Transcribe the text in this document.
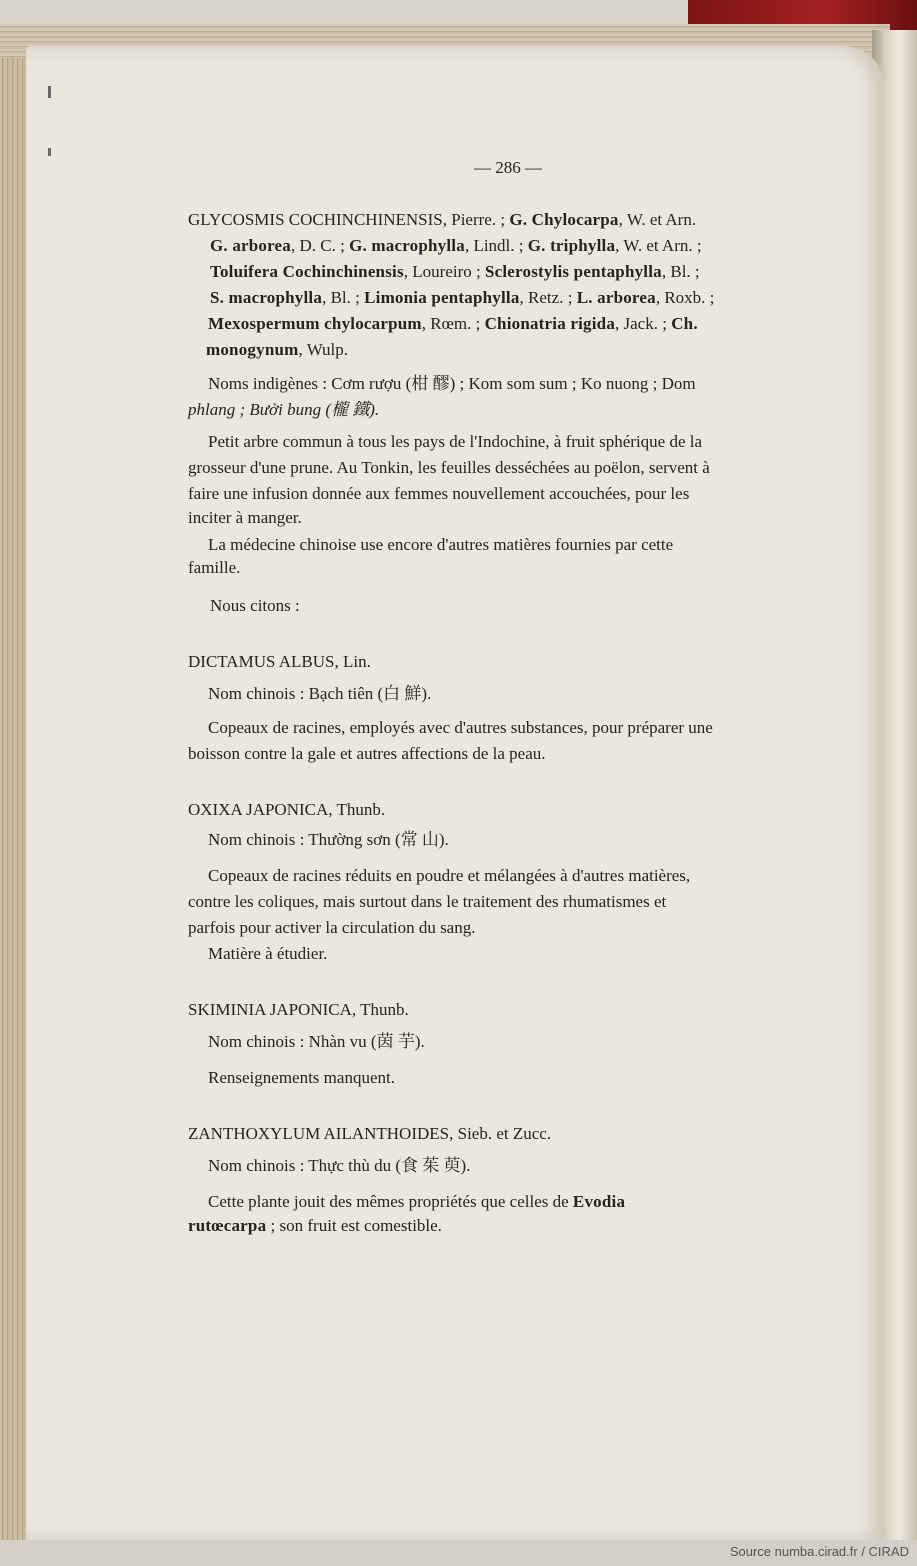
— 286 —
GLYCOSMIS COCHINCHINENSIS, Pierre. ; G. Chylocarpa, W. et Arn.
G. arborea, D. C. ; G. macrophylla, Lindl. ; G. triphylla, W. et Arn. ;
Toluifera Cochinchinensis, Loureiro ; Sclerostylis pentaphylla, Bl. ;
S. macrophylla, Bl. ; Limonia pentaphylla, Retz. ; L. arborea, Roxb. ;
Mexospermum chylocarpum, Rœm. ; Chionatria rigida, Jack. ; Ch.
monogynum, Wulp.
Noms indigènes : Cơm rượu (柑 醪) ; Kom som sum ; Ko nuong ; Dom
phlang ; Bưởi bung (櫳 鐵).
Petit arbre commun à tous les pays de l'Indochine, à fruit sphérique de la
grosseur d'une prune. Au Tonkin, les feuilles desséchées au poëlon, servent à
faire une infusion donnée aux femmes nouvellement accouchées, pour les
inciter à manger.
La médecine chinoise use encore d'autres matières fournies par cette
famille.
Nous citons :
DICTAMUS ALBUS, Lin.
Nom chinois : Bạch tiên (白 鮮).
Copeaux de racines, employés avec d'autres substances, pour préparer une
boisson contre la gale et autres affections de la peau.
OXIXA JAPONICA, Thunb.
Nom chinois : Thường sơn (常 山).
Copeaux de racines réduits en poudre et mélangées à d'autres matières,
contre les coliques, mais surtout dans le traitement des rhumatismes et
parfois pour activer la circulation du sang.
Matière à étudier.
SKIMINIA JAPONICA, Thunb.
Nom chinois : Nhàn vu (茵 芋).
Renseignements manquent.
ZANTHOXYLUM AILANTHOIDES, Sieb. et Zucc.
Nom chinois : Thực thù du (食 茱 萸).
Cette plante jouit des mêmes propriétés que celles de Evodia
rutœcarpa ; son fruit est comestible.
Source numba.cirad.fr / CIRAD
